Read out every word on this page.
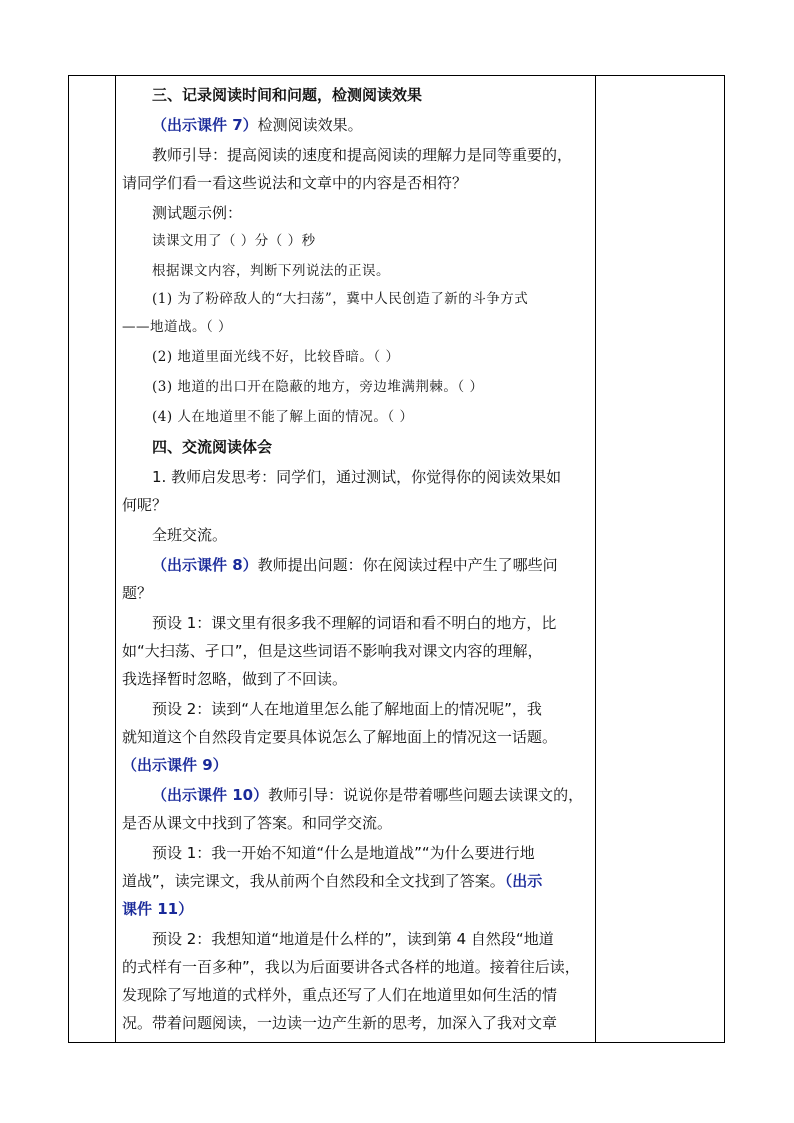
三、记录阅读时间和问题，检测阅读效果
（出示课件 7）检测阅读效果。
教师引导：提高阅读的速度和提高阅读的理解力是同等重要的，
请同学们看一看这些说法和文章中的内容是否相符？
测试题示例：
读课文用了（ ）分（ ）秒
根据课文内容，判断下列说法的正误。
(1) 为了粉碎敌人的“大扫荡”，冀中人民创造了新的斗争方式
——地道战。（ ）
(2) 地道里面光线不好，比较昏暗。（ ）
(3) 地道的出口开在隐蔽的地方，旁边堆满荆棘。（ ）
(4) 人在地道里不能了解上面的情况。（ ）
四、交流阅读体会
1. 教师启发思考：同学们，通过测试，你觉得你的阅读效果如
何呢？
全班交流。
（出示课件 8）教师提出问题：你在阅读过程中产生了哪些问
题？
预设 1：课文里有很多我不理解的词语和看不明白的地方，比
如“大扫荡、孑口”，但是这些词语不影响我对课文内容的理解，
我选择暂时忽略，做到了不回读。
预设 2：读到“人在地道里怎么能了解地面上的情况呢”，我
就知道这个自然段肯定要具体说怎么了解地面上的情况这一话题。
（出示课件 9）
（出示课件 10）教师引导：说说你是带着哪些问题去读课文的，
是否从课文中找到了答案。和同学交流。
预设 1：我一开始不知道“什么是地道战”“为什么要进行地
道战”，读完课文，我从前两个自然段和全文找到了答案。（出示
课件 11）
预设 2：我想知道“地道是什么样的”，读到第 4 自然段“地道
的式样有一百多种”，我以为后面要讲各式各样的地道。接着往后读，
发现除了写地道的式样外，重点还写了人们在地道里如何生活的情
况。带着问题阅读，一边读一边产生新的思考，加深入了我对文章
